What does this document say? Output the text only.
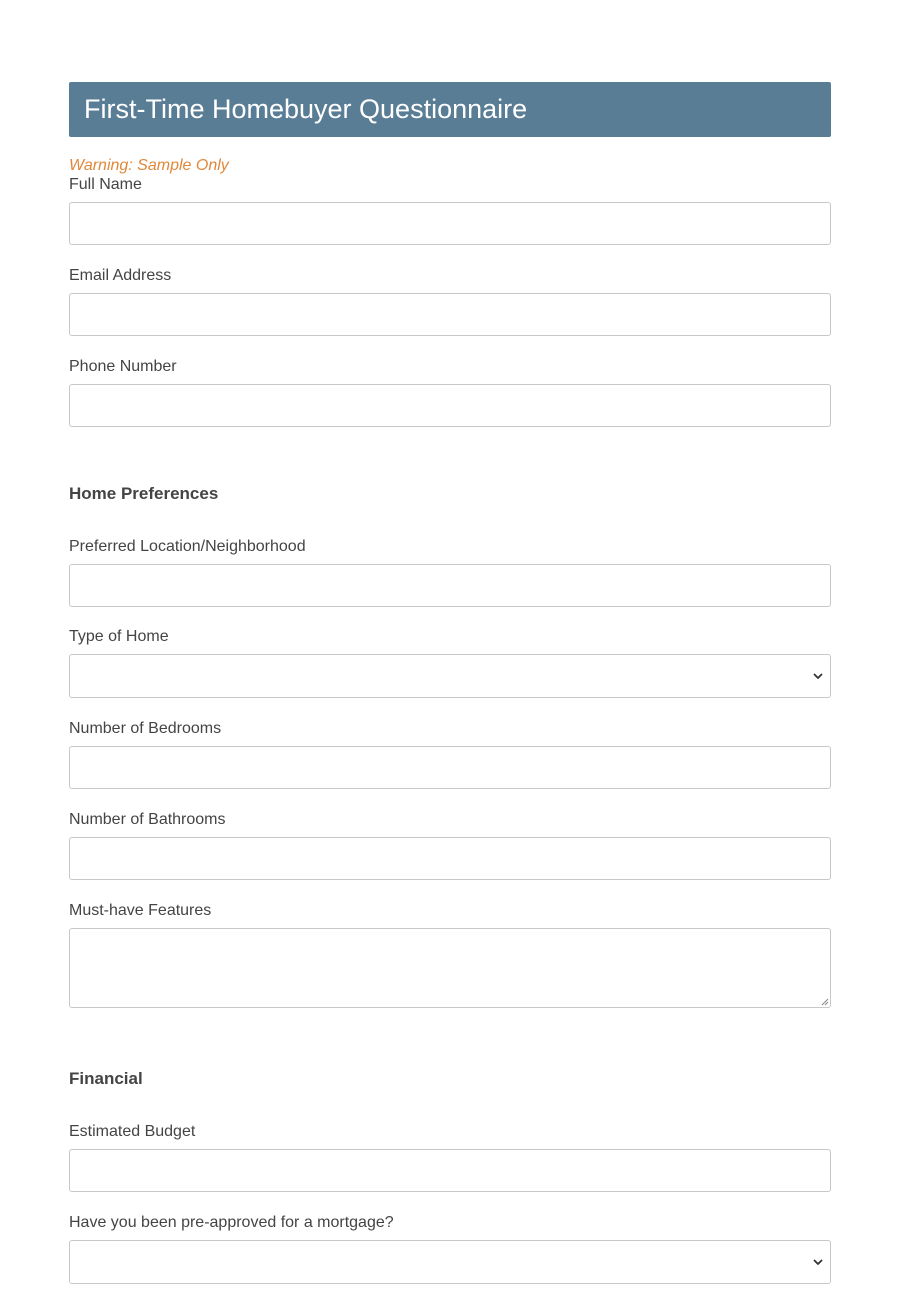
First-Time Homebuyer Questionnaire
Warning: Sample Only
Full Name
Email Address
Phone Number
Home Preferences
Preferred Location/Neighborhood
Type of Home
Number of Bedrooms
Number of Bathrooms
Must-have Features
Financial
Estimated Budget
Have you been pre-approved for a mortgage?
